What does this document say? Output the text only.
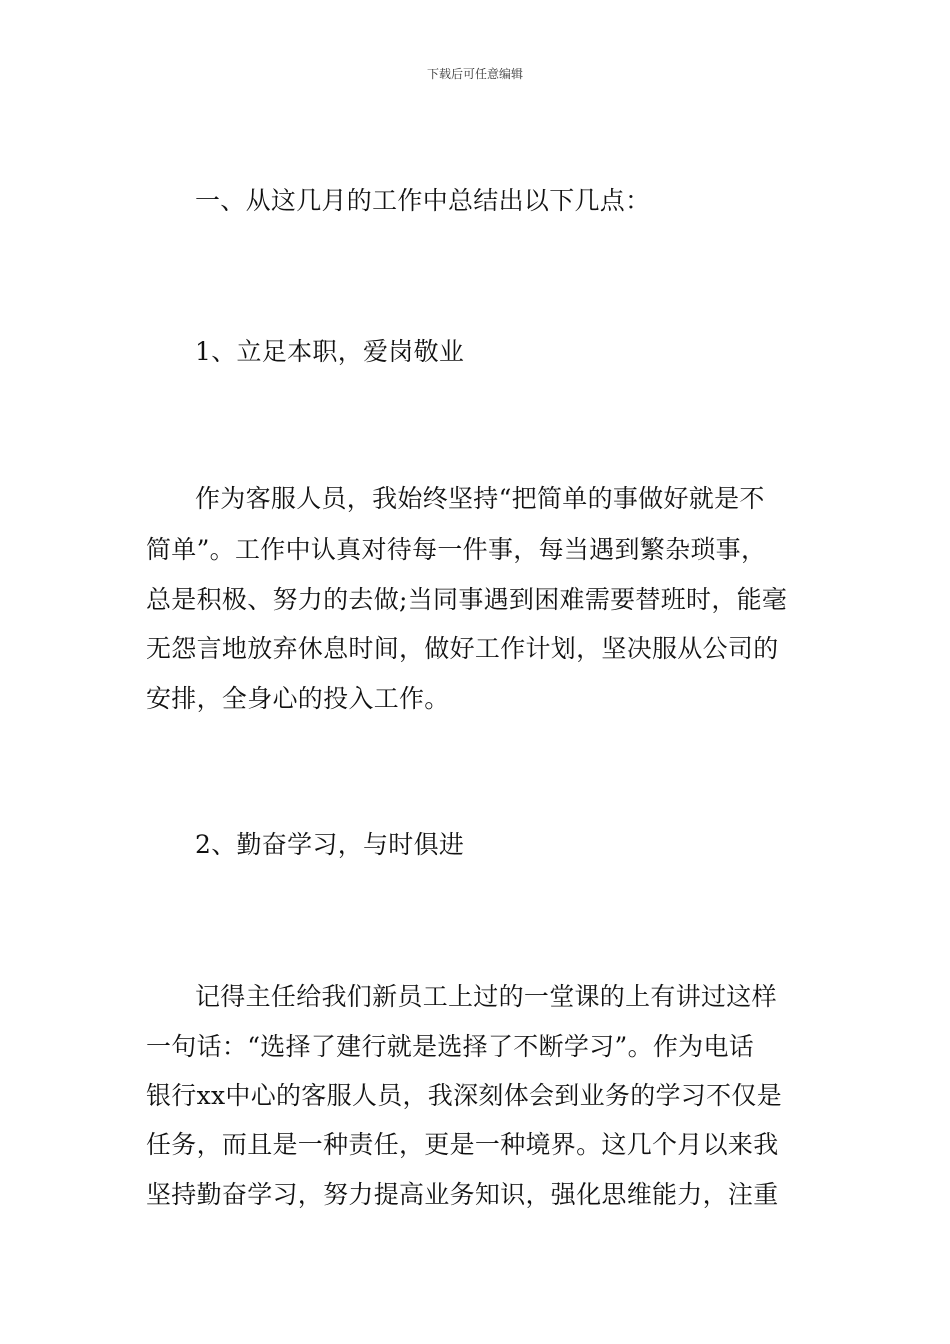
下载后可任意编辑
一、从这几月的工作中总结出以下几点：
1、立足本职，爱岗敬业
作为客服人员，我始终坚持“把简单的事做好就是不
简单”。工作中认真对待每一件事，每当遇到繁杂琐事，
总是积极、努力的去做;当同事遇到困难需要替班时，能毫
无怨言地放弃休息时间，做好工作计划，坚决服从公司的
安排，全身心的投入工作。
2、勤奋学习，与时俱进
记得主任给我们新员工上过的一堂课的上有讲过这样
一句话：“选择了建行就是选择了不断学习”。作为电话
银行xx中心的客服人员，我深刻体会到业务的学习不仅是
任务，而且是一种责任，更是一种境界。这几个月以来我
坚持勤奋学习，努力提高业务知识，强化思维能力，注重
